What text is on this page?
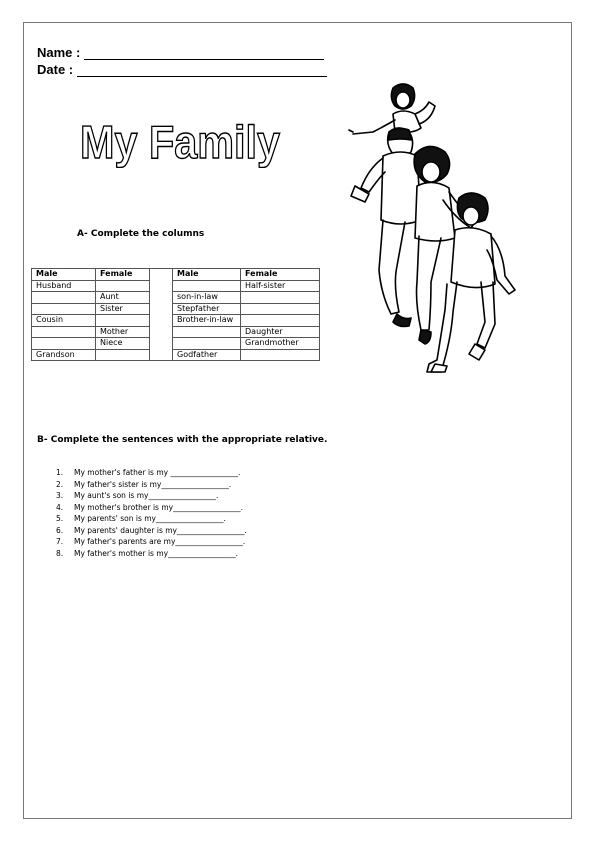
Name :
Date :
My Family
A- Complete the columns
Male	Female		Male	Female
Husband				Half-sister
	Aunt		son-in-law	
	Sister		Stepfather	
Cousin			Brother-in-law	
	Mother			Daughter
	Niece			Grandmother
Grandson			Godfather	
B- Complete the sentences with the appropriate relative.
1. My mother's father is my __________________.
2. My father's sister is my__________________.
3. My aunt's son is my__________________.
4. My mother's brother is my__________________.
5. My parents' son is my__________________.
6. My parents' daughter is my__________________.
7. My father's parents are my__________________.
8. My father's mother is my__________________.
